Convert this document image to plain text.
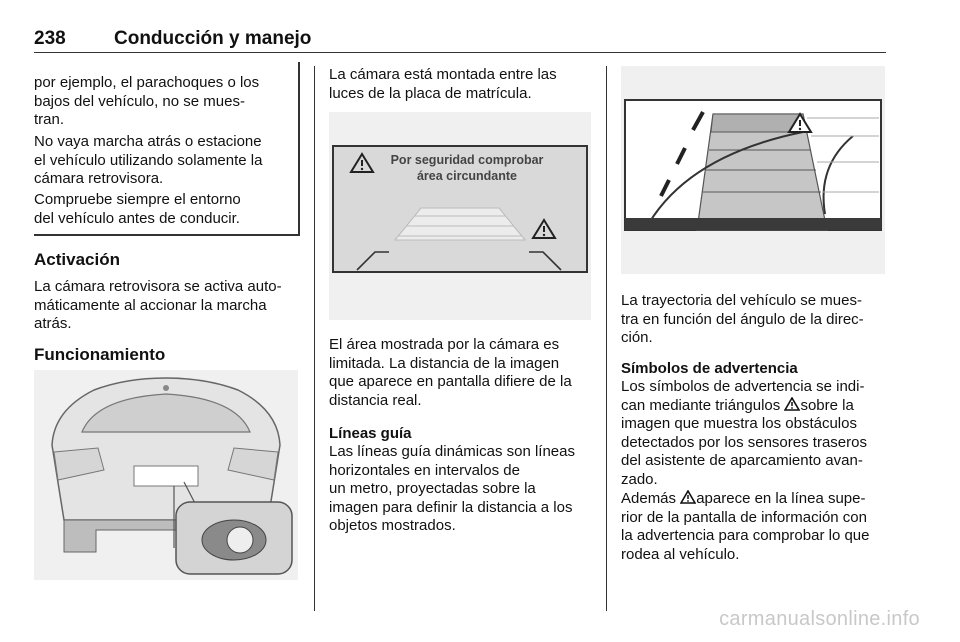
238	Conducción y manejo
por ejemplo, el parachoques o los
bajos del vehículo, no se mues-
tran.
No vaya marcha atrás o estacione
el vehículo utilizando solamente la
cámara retrovisora.
Compruebe siempre el entorno
del vehículo antes de conducir.
Activación
La cámara retrovisora se activa auto-
máticamente al accionar la marcha
atrás.
Funcionamiento
La cámara está montada entre las
luces de la placa de matrícula.
Por seguridad comprobar
área circundante
El área mostrada por la cámara es
limitada. La distancia de la imagen
que aparece en pantalla difiere de la
distancia real.
Líneas guía
Las líneas guía dinámicas son líneas
horizontales en intervalos de
un metro, proyectadas sobre la
imagen para definir la distancia a los
objetos mostrados.
La trayectoria del vehículo se mues-
tra en función del ángulo de la direc-
ción.
Símbolos de advertencia
Los símbolos de advertencia se indi-
can mediante triángulos sobre la
imagen que muestra los obstáculos
detectados por los sensores traseros
del asistente de aparcamiento avan-
zado.
Además aparece en la línea supe-
rior de la pantalla de información con
la advertencia para comprobar lo que
rodea al vehículo.
carmanualsonline.info
